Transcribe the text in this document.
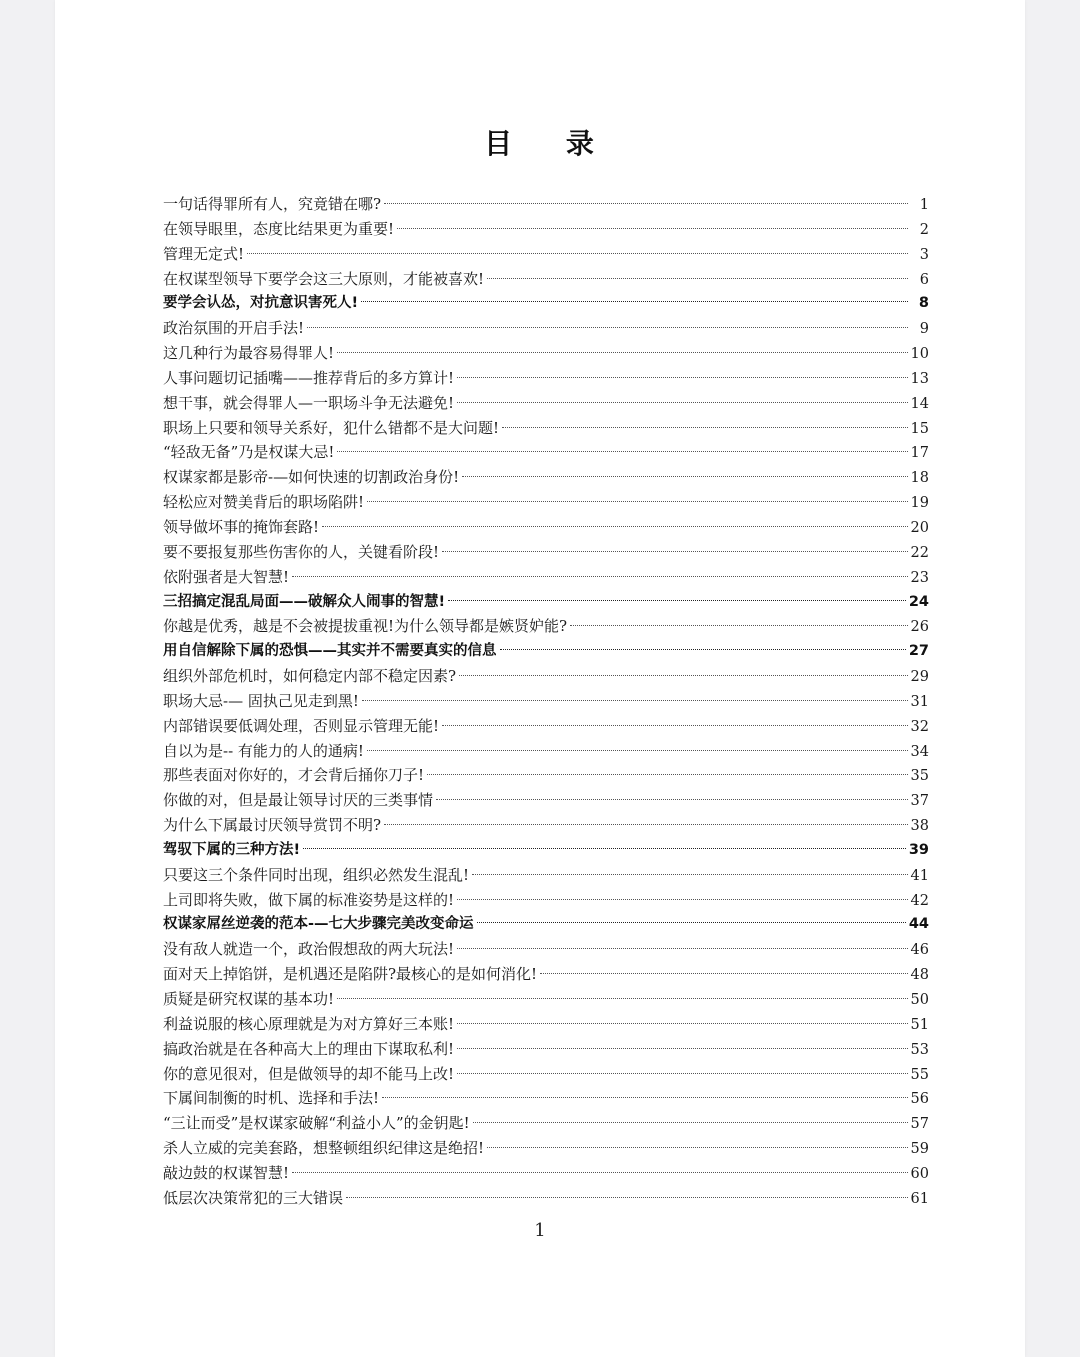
目 录
一句话得罪所有人，究竟错在哪?	1
在领导眼里，态度比结果更为重要!	2
管理无定式!	3
在权谋型领导下要学会这三大原则，才能被喜欢!	6
要学会认怂，对抗意识害死人!	8
政治氛围的开启手法!	9
这几种行为最容易得罪人!	10
人事问题切记插嘴——推荐背后的多方算计!	13
想干事，就会得罪人—一职场斗争无法避免!	14
职场上只要和领导关系好，犯什么错都不是大问题!	15
“轻敌无备”乃是权谋大忌!	17
权谋家都是影帝-—如何快速的切割政治身份!	18
轻松应对赞美背后的职场陷阱!	19
领导做坏事的掩饰套路!	20
要不要报复那些伤害你的人，关键看阶段!	22
依附强者是大智慧!	23
三招搞定混乱局面——破解众人闹事的智慧!	24
你越是优秀，越是不会被提拔重视!为什么领导都是嫉贤妒能?	26
用自信解除下属的恐惧——其实并不需要真实的信息	27
组织外部危机时，如何稳定内部不稳定因素?	29
职场大忌-— 固执己见走到黑!	31
内部错误要低调处理，否则显示管理无能!	32
自以为是-- 有能力的人的通病!	34
那些表面对你好的，才会背后捅你刀子!	35
你做的对，但是最让领导讨厌的三类事情	37
为什么下属最讨厌领导赏罚不明?	38
驾驭下属的三种方法!	39
只要这三个条件同时出现，组织必然发生混乱!	41
上司即将失败，做下属的标准姿势是这样的!	42
权谋家屌丝逆袭的范本-—七大步骤完美改变命运	44
没有敌人就造一个，政治假想敌的两大玩法!	46
面对天上掉馅饼，是机遇还是陷阱?最核心的是如何消化!	48
质疑是研究权谋的基本功!	50
利益说服的核心原理就是为对方算好三本账!	51
搞政治就是在各种高大上的理由下谋取私利!	53
你的意见很对，但是做领导的却不能马上改!	55
下属间制衡的时机、选择和手法!	56
“三让而受”是权谋家破解“利益小人”的金钥匙!	57
杀人立威的完美套路，想整顿组织纪律这是绝招!	59
敲边鼓的权谋智慧!	60
低层次决策常犯的三大错误	61
1
